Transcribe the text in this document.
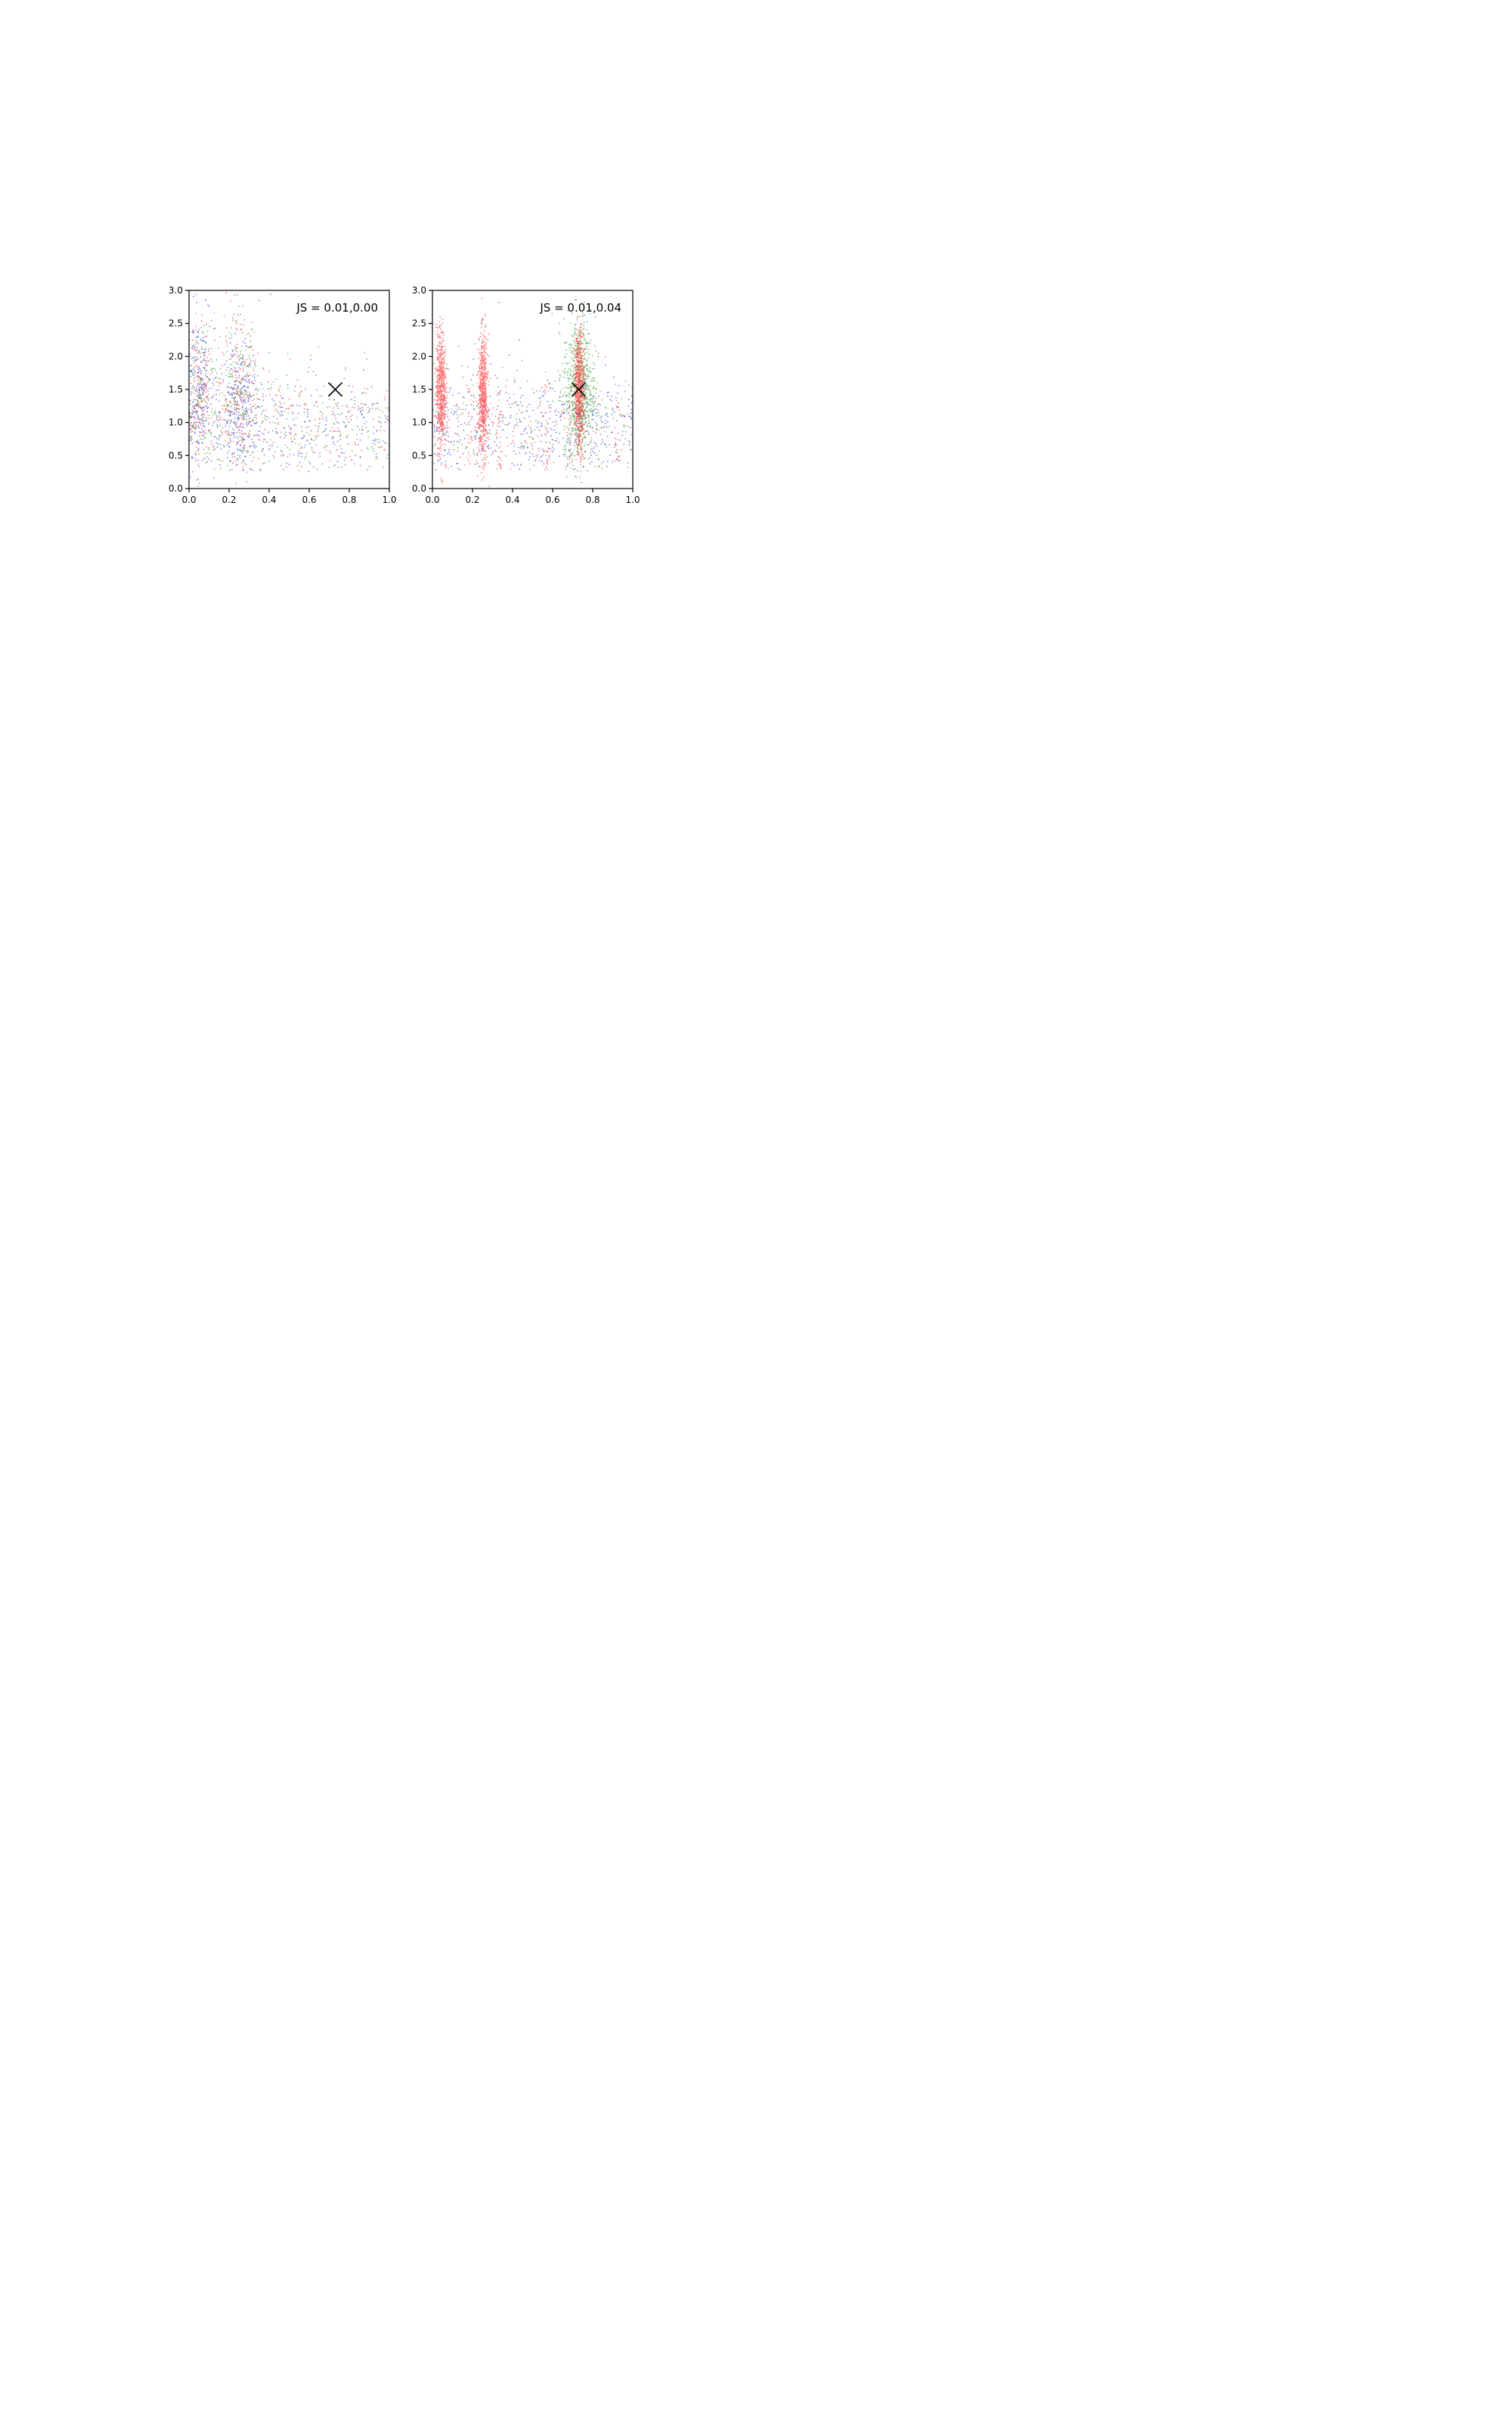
0.0	0.2	0.4	0.6	0.8	1.0
0.0
0.5
1.0
1.5
2.0
2.5
3.0
JS = 0.01,0.00
0.0	0.2	0.4	0.6	0.8	1.0
0.0
0.5
1.0
1.5
2.0
2.5
3.0
JS = 0.01,0.04
